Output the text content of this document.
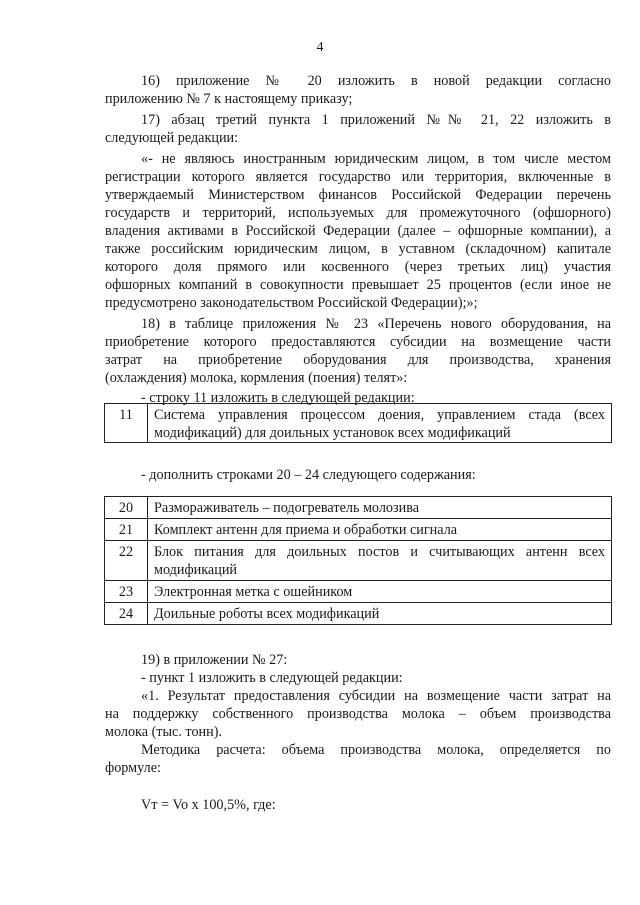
4
16) приложение № 20 изложить в новой редакции согласно
приложению № 7 к настоящему приказу;
17) абзац третий пункта 1 приложений №№ 21, 22 изложить в
следующей редакции:
«- не являюсь иностранным юридическим лицом, в том числе местом
регистрации которого является государство или территория, включенные в
утверждаемый Министерством финансов Российской Федерации перечень
государств и территорий, используемых для промежуточного (офшорного)
владения активами в Российской Федерации (далее – офшорные компании), а
также российским юридическим лицом, в уставном (складочном) капитале
которого доля прямого или косвенного (через третьих лиц) участия
офшорных компаний в совокупности превышает 25 процентов (если иное не
предусмотрено законодательством Российской Федерации);»;
18) в таблице приложения № 23 «Перечень нового оборудования, на
приобретение которого предоставляются субсидии на возмещение части
затрат на приобретение оборудования для производства, хранения
(охлаждения) молока, кормления (поения) телят»:
- строку 11 изложить в следующей редакции:
11	Система управления процессом доения, управлением стада (всех модификаций) для доильных установок всех модификаций
- дополнить строками 20 – 24 следующего содержания:
20	Размораживатель – подогреватель молозива
21	Комплект антенн для приема и обработки сигнала
22	Блок питания для доильных постов и считывающих антенн всех модификаций
23	Электронная метка с ошейником
24	Доильные роботы всех модификаций
19) в приложении № 27:
- пункт 1 изложить в следующей редакции:
«1. Результат предоставления субсидии на возмещение части затрат на
на поддержку собственного производства молока – объем производства
молока (тыс. тонн).
Методика расчета: объема производства молока, определяется по
формуле:
Vт = Vo х 100,5%, где:
